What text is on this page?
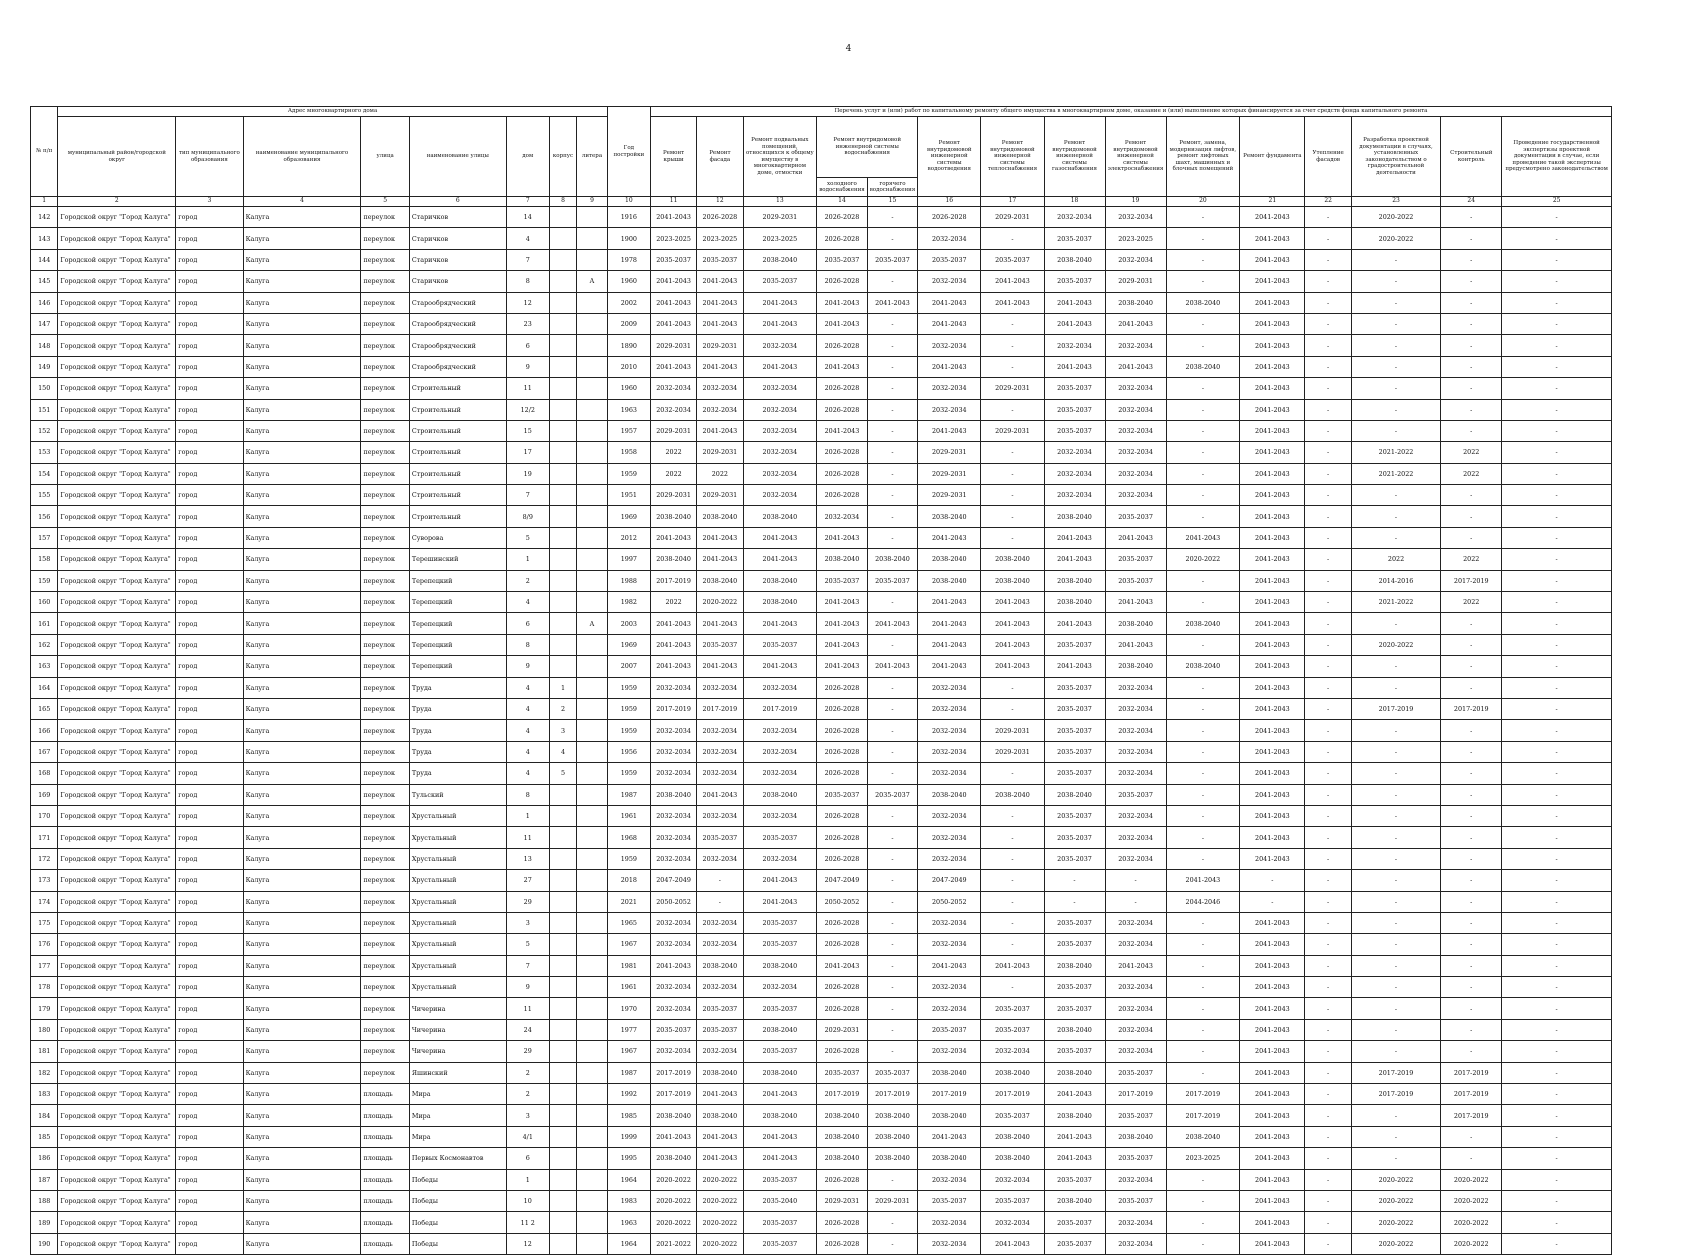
4
№ п/п	Адрес многоквартирного дома								Год постройки	Перечень услуг и (или) работ по капитальному ремонту общего имущества в многоквартирном доме, оказание и (или) выполнение которых финансируется за счет средств фонда капитального ремонта														
	муниципальный район/городской округ	тип муниципального образования	наименование муниципального образования	улица	наименование улицы	дом	корпус	литера		Ремонт крыши	Ремонт фасада	Ремонт подвальных помещений, относящихся к общему имуществу в многоквартирном доме, отмостки	Ремонт внутридомовой инженерной системы водоснабжения		Ремонт внутридомовой инженерной системы водоотведения	Ремонт внутридомовой инженерной системы теплоснабжения	Ремонт внутридомовой инженерной системы газоснабжения	Ремонт внутридомовой инженерной системы электроснабжения	Ремонт, замена, модернизация лифтов, ремонт лифтовых шахт, машинных и блочных помещений	Ремонт фундамента	Утепление фасадов	Разработка проектной документации в случаях, установленных законодательством о градостроительной деятельности	Строительный контроль	Проведение государственной экспертизы проектной документации в случае, если проведение такой экспертизы предусмотрено законодательством
													холодного водоснабжения	горячего водоснабжения										
1	2	3	4	5	6	7	8	9	10	11	12	13	14	15	16	17	18	19	20	21	22	23	24	25
142	Городской округ "Город Калуга"	город	Калуга	переулок	Старичков	14			1916	2041-2043	2026-2028	2029-2031	2026-2028	-	2026-2028	2029-2031	2032-2034	2032-2034	-	2041-2043	-	2020-2022	-	-
143	Городской округ "Город Калуга"	город	Калуга	переулок	Старичков	4			1900	2023-2025	2023-2025	2023-2025	2026-2028	-	2032-2034	-	2035-2037	2023-2025	-	2041-2043	-	2020-2022	-	-
144	Городской округ "Город Калуга"	город	Калуга	переулок	Старичков	7			1978	2035-2037	2035-2037	2038-2040	2035-2037	2035-2037	2035-2037	2035-2037	2038-2040	2032-2034	-	2041-2043	-	-	-	-
145	Городской округ "Город Калуга"	город	Калуга	переулок	Старичков	8		А	1960	2041-2043	2041-2043	2035-2037	2026-2028	-	2032-2034	2041-2043	2035-2037	2029-2031	-	2041-2043	-	-	-	-
146	Городской округ "Город Калуга"	город	Калуга	переулок	Старообрядческий	12			2002	2041-2043	2041-2043	2041-2043	2041-2043	2041-2043	2041-2043	2041-2043	2041-2043	2038-2040	2038-2040	2041-2043	-	-	-	-
147	Городской округ "Город Калуга"	город	Калуга	переулок	Старообрядческий	23			2009	2041-2043	2041-2043	2041-2043	2041-2043	-	2041-2043	-	2041-2043	2041-2043	-	2041-2043	-	-	-	-
148	Городской округ "Город Калуга"	город	Калуга	переулок	Старообрядческий	6			1890	2029-2031	2029-2031	2032-2034	2026-2028	-	2032-2034	-	2032-2034	2032-2034	-	2041-2043	-	-	-	-
149	Городской округ "Город Калуга"	город	Калуга	переулок	Старообрядческий	9			2010	2041-2043	2041-2043	2041-2043	2041-2043	-	2041-2043	-	2041-2043	2041-2043	2038-2040	2041-2043	-	-	-	-
150	Городской округ "Город Калуга"	город	Калуга	переулок	Строительный	11			1960	2032-2034	2032-2034	2032-2034	2026-2028	-	2032-2034	2029-2031	2035-2037	2032-2034	-	2041-2043	-	-	-	-
151	Городской округ "Город Калуга"	город	Калуга	переулок	Строительный	12/2			1963	2032-2034	2032-2034	2032-2034	2026-2028	-	2032-2034	-	2035-2037	2032-2034	-	2041-2043	-	-	-	-
152	Городской округ "Город Калуга"	город	Калуга	переулок	Строительный	15			1957	2029-2031	2041-2043	2032-2034	2041-2043	-	2041-2043	2029-2031	2035-2037	2032-2034	-	2041-2043	-	-	-	-
153	Городской округ "Город Калуга"	город	Калуга	переулок	Строительный	17			1958	2022	2029-2031	2032-2034	2026-2028	-	2029-2031	-	2032-2034	2032-2034	-	2041-2043	-	2021-2022	2022	-
154	Городской округ "Город Калуга"	город	Калуга	переулок	Строительный	19			1959	2022	2022	2032-2034	2026-2028	-	2029-2031	-	2032-2034	2032-2034	-	2041-2043	-	2021-2022	2022	-
155	Городской округ "Город Калуга"	город	Калуга	переулок	Строительный	7			1951	2029-2031	2029-2031	2032-2034	2026-2028	-	2029-2031	-	2032-2034	2032-2034	-	2041-2043	-	-	-	-
156	Городской округ "Город Калуга"	город	Калуга	переулок	Строительный	8/9			1969	2038-2040	2038-2040	2038-2040	2032-2034	-	2038-2040	-	2038-2040	2035-2037	-	2041-2043	-	-	-	-
157	Городской округ "Город Калуга"	город	Калуга	переулок	Суворова	5			2012	2041-2043	2041-2043	2041-2043	2041-2043	-	2041-2043	-	2041-2043	2041-2043	2041-2043	2041-2043	-	-	-	-
158	Городской округ "Город Калуга"	город	Калуга	переулок	Терешинский	1			1997	2038-2040	2041-2043	2041-2043	2038-2040	2038-2040	2038-2040	2038-2040	2041-2043	2035-2037	2020-2022	2041-2043	-	2022	2022	-
159	Городской округ "Город Калуга"	город	Калуга	переулок	Терепецкий	2			1988	2017-2019	2038-2040	2038-2040	2035-2037	2035-2037	2038-2040	2038-2040	2038-2040	2035-2037	-	2041-2043	-	2014-2016	2017-2019	-
160	Городской округ "Город Калуга"	город	Калуга	переулок	Терепецкий	4			1982	2022	2020-2022	2038-2040	2041-2043	-	2041-2043	2041-2043	2038-2040	2041-2043	-	2041-2043	-	2021-2022	2022	-
161	Городской округ "Город Калуга"	город	Калуга	переулок	Терепецкий	6		А	2003	2041-2043	2041-2043	2041-2043	2041-2043	2041-2043	2041-2043	2041-2043	2041-2043	2038-2040	2038-2040	2041-2043	-	-	-	-
162	Городской округ "Город Калуга"	город	Калуга	переулок	Терепецкий	8			1969	2041-2043	2035-2037	2035-2037	2041-2043	-	2041-2043	2041-2043	2035-2037	2041-2043	-	2041-2043	-	2020-2022	-	-
163	Городской округ "Город Калуга"	город	Калуга	переулок	Терепецкий	9			2007	2041-2043	2041-2043	2041-2043	2041-2043	2041-2043	2041-2043	2041-2043	2041-2043	2038-2040	2038-2040	2041-2043	-	-	-	-
164	Городской округ "Город Калуга"	город	Калуга	переулок	Труда	4	1		1959	2032-2034	2032-2034	2032-2034	2026-2028	-	2032-2034	-	2035-2037	2032-2034	-	2041-2043	-	-	-	-
165	Городской округ "Город Калуга"	город	Калуга	переулок	Труда	4	2		1959	2017-2019	2017-2019	2017-2019	2026-2028	-	2032-2034	-	2035-2037	2032-2034	-	2041-2043	-	2017-2019	2017-2019	-
166	Городской округ "Город Калуга"	город	Калуга	переулок	Труда	4	3		1959	2032-2034	2032-2034	2032-2034	2026-2028	-	2032-2034	2029-2031	2035-2037	2032-2034	-	2041-2043	-	-	-	-
167	Городской округ "Город Калуга"	город	Калуга	переулок	Труда	4	4		1956	2032-2034	2032-2034	2032-2034	2026-2028	-	2032-2034	2029-2031	2035-2037	2032-2034	-	2041-2043	-	-	-	-
168	Городской округ "Город Калуга"	город	Калуга	переулок	Труда	4	5		1959	2032-2034	2032-2034	2032-2034	2026-2028	-	2032-2034	-	2035-2037	2032-2034	-	2041-2043	-	-	-	-
169	Городской округ "Город Калуга"	город	Калуга	переулок	Тульский	8			1987	2038-2040	2041-2043	2038-2040	2035-2037	2035-2037	2038-2040	2038-2040	2038-2040	2035-2037	-	2041-2043	-	-	-	-
170	Городской округ "Город Калуга"	город	Калуга	переулок	Хрустальный	1			1961	2032-2034	2032-2034	2032-2034	2026-2028	-	2032-2034	-	2035-2037	2032-2034	-	2041-2043	-	-	-	-
171	Городской округ "Город Калуга"	город	Калуга	переулок	Хрустальный	11			1968	2032-2034	2035-2037	2035-2037	2026-2028	-	2032-2034	-	2035-2037	2032-2034	-	2041-2043	-	-	-	-
172	Городской округ "Город Калуга"	город	Калуга	переулок	Хрустальный	13			1959	2032-2034	2032-2034	2032-2034	2026-2028	-	2032-2034	-	2035-2037	2032-2034	-	2041-2043	-	-	-	-
173	Городской округ "Город Калуга"	город	Калуга	переулок	Хрустальный	27			2018	2047-2049	-	2041-2043	2047-2049	-	2047-2049	-	-	-	2041-2043	-	-	-	-	-
174	Городской округ "Город Калуга"	город	Калуга	переулок	Хрустальный	29			2021	2050-2052	-	2041-2043	2050-2052	-	2050-2052	-	-	-	2044-2046	-	-	-	-	-
175	Городской округ "Город Калуга"	город	Калуга	переулок	Хрустальный	3			1965	2032-2034	2032-2034	2035-2037	2026-2028	-	2032-2034	-	2035-2037	2032-2034	-	2041-2043	-	-	-	-
176	Городской округ "Город Калуга"	город	Калуга	переулок	Хрустальный	5			1967	2032-2034	2032-2034	2035-2037	2026-2028	-	2032-2034	-	2035-2037	2032-2034	-	2041-2043	-	-	-	-
177	Городской округ "Город Калуга"	город	Калуга	переулок	Хрустальный	7			1981	2041-2043	2038-2040	2038-2040	2041-2043	-	2041-2043	2041-2043	2038-2040	2041-2043	-	2041-2043	-	-	-	-
178	Городской округ "Город Калуга"	город	Калуга	переулок	Хрустальный	9			1961	2032-2034	2032-2034	2032-2034	2026-2028	-	2032-2034	-	2035-2037	2032-2034	-	2041-2043	-	-	-	-
179	Городской округ "Город Калуга"	город	Калуга	переулок	Чичерина	11			1970	2032-2034	2035-2037	2035-2037	2026-2028	-	2032-2034	2035-2037	2035-2037	2032-2034	-	2041-2043	-	-	-	-
180	Городской округ "Город Калуга"	город	Калуга	переулок	Чичерина	24			1977	2035-2037	2035-2037	2038-2040	2029-2031	-	2035-2037	2035-2037	2038-2040	2032-2034	-	2041-2043	-	-	-	-
181	Городской округ "Город Калуга"	город	Калуга	переулок	Чичерина	29			1967	2032-2034	2032-2034	2035-2037	2026-2028	-	2032-2034	2032-2034	2035-2037	2032-2034	-	2041-2043	-	-	-	-
182	Городской округ "Город Калуга"	город	Калуга	переулок	Яшинский	2			1987	2017-2019	2038-2040	2038-2040	2035-2037	2035-2037	2038-2040	2038-2040	2038-2040	2035-2037	-	2041-2043	-	2017-2019	2017-2019	-
183	Городской округ "Город Калуга"	город	Калуга	площадь	Мира	2			1992	2017-2019	2041-2043	2041-2043	2017-2019	2017-2019	2017-2019	2017-2019	2041-2043	2017-2019	2017-2019	2041-2043	-	2017-2019	2017-2019	-
184	Городской округ "Город Калуга"	город	Калуга	площадь	Мира	3			1985	2038-2040	2038-2040	2038-2040	2038-2040	2038-2040	2038-2040	2035-2037	2038-2040	2035-2037	2017-2019	2041-2043	-	-	2017-2019	-
185	Городской округ "Город Калуга"	город	Калуга	площадь	Мира	4/1			1999	2041-2043	2041-2043	2041-2043	2038-2040	2038-2040	2041-2043	2038-2040	2041-2043	2038-2040	2038-2040	2041-2043	-	-	-	-
186	Городской округ "Город Калуга"	город	Калуга	площадь	Первых Космонавтов	6			1995	2038-2040	2041-2043	2041-2043	2038-2040	2038-2040	2038-2040	2038-2040	2041-2043	2035-2037	2023-2025	2041-2043	-	-	-	-
187	Городской округ "Город Калуга"	город	Калуга	площадь	Победы	1			1964	2020-2022	2020-2022	2035-2037	2026-2028	-	2032-2034	2032-2034	2035-2037	2032-2034	-	2041-2043	-	2020-2022	2020-2022	-
188	Городской округ "Город Калуга"	город	Калуга	площадь	Победы	10			1983	2020-2022	2020-2022	2035-2040	2029-2031	2029-2031	2035-2037	2035-2037	2038-2040	2035-2037	-	2041-2043	-	2020-2022	2020-2022	-
189	Городской округ "Город Калуга"	город	Калуга	площадь	Победы	11 2			1963	2020-2022	2020-2022	2035-2037	2026-2028	-	2032-2034	2032-2034	2035-2037	2032-2034	-	2041-2043	-	2020-2022	2020-2022	-
190	Городской округ "Город Калуга"	город	Калуга	площадь	Победы	12			1964	2021-2022	2020-2022	2035-2037	2026-2028	-	2032-2034	2041-2043	2035-2037	2032-2034	-	2041-2043	-	2020-2022	2020-2022	-
